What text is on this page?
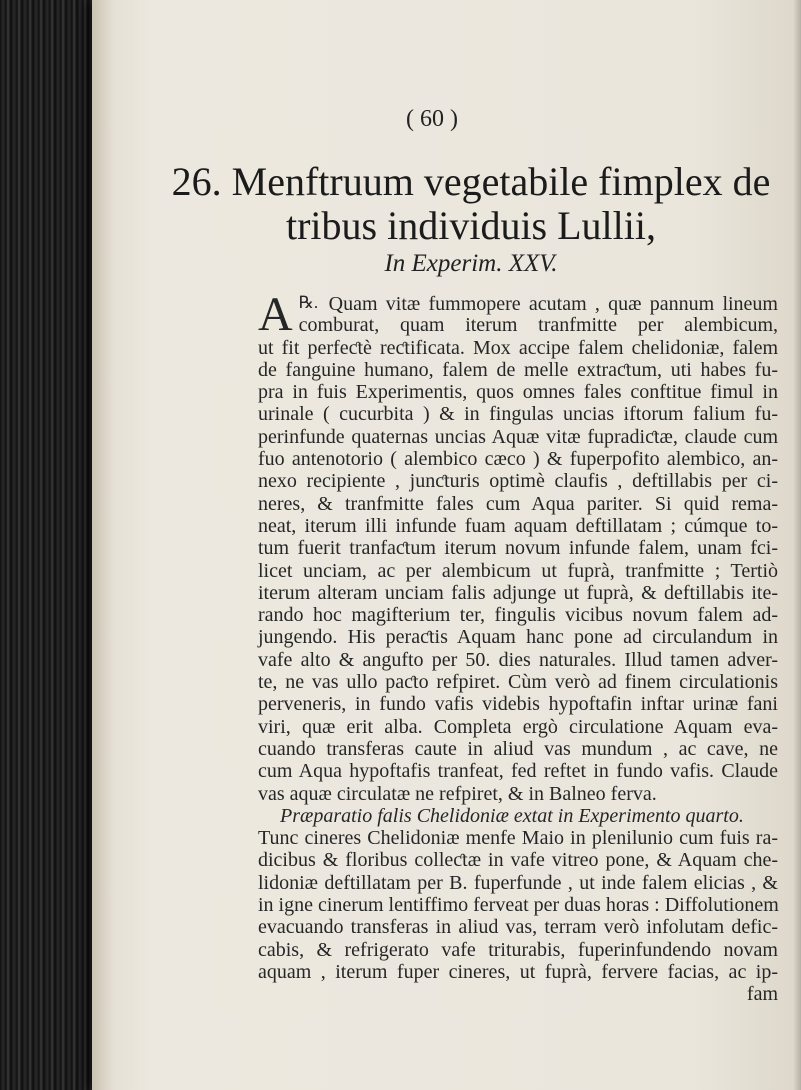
( 60 )
26. Menftruum vegetabile fimplex de tribus individuis Lullii,
In Experim. XXV.
℞.
A Quam vitæ fummopere acutam , quæ pannum lineum
comburat, quam iterum tranfmitte per alembicum,
ut fit perfeƈtè reƈtificata. Mox accipe falem chelidoniæ, falem
de fanguine humano, falem de melle extraƈtum, uti habes fu-
pra in fuis Experimentis, quos omnes fales conftitue fimul in
urinale ( cucurbita ) & in fingulas uncias iftorum falium fu-
perinfunde quaternas uncias Aquæ vitæ fupradiƈtæ, claude cum
fuo antenotorio ( alembico cæco ) & fuperpofito alembico, an-
nexo recipiente , junƈturis optimè claufis , deftillabis per ci-
neres, & tranfmitte fales cum Aqua pariter. Si quid rema-
neat, iterum illi infunde fuam aquam deftillatam ; cúmque to-
tum fuerit tranfaƈtum iterum novum infunde falem, unam fci-
licet unciam, ac per alembicum ut fuprà, tranfmitte ; Tertiò
iterum alteram unciam falis adjunge ut fuprà, & deftillabis ite-
rando hoc magifterium ter, fingulis vicibus novum falem ad-
jungendo. His peraƈtis Aquam hanc pone ad circulandum in
vafe alto & angufto per 50. dies naturales. Illud tamen adver-
te, ne vas ullo paƈto refpiret. Cùm verò ad finem circulationis
perveneris, in fundo vafis videbis hypoftafin inftar urinæ fani
viri, quæ erit alba. Completa ergò circulatione Aquam eva-
cuando transferas caute in aliud vas mundum , ac cave, ne
cum Aqua hypoftafis tranfeat, fed reftet in fundo vafis. Claude
vas aquæ circulatæ ne refpiret, & in Balneo ferva.
Præparatio falis Chelidoniæ extat in Experimento quarto.
Tunc cineres Chelidoniæ menfe Maio in plenilunio cum fuis ra-
dicibus & floribus colleƈtæ in vafe vitreo pone, & Aquam che-
lidoniæ deftillatam per B. fuperfunde , ut inde falem elicias , &
in igne cinerum lentiffimo ferveat per duas horas : Diffolutionem
evacuando transferas in aliud vas, terram verò infolutam defic-
cabis, & refrigerato vafe triturabis, fuperinfundendo novam
aquam , iterum fuper cineres, ut fuprà, fervere facias, ac ip-
fam
